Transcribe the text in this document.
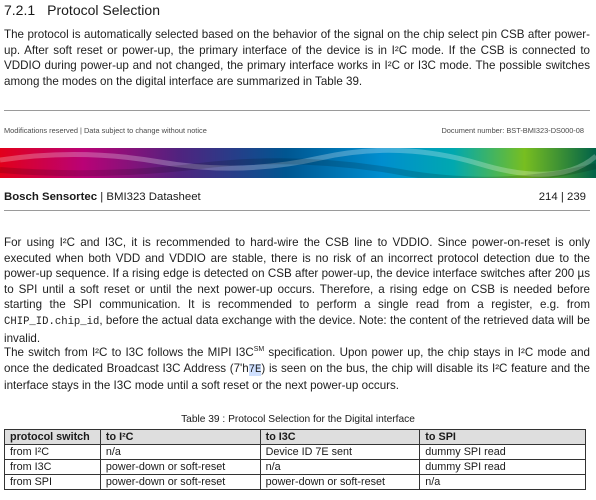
7.2.1 Protocol Selection
The protocol is automatically selected based on the behavior of the signal on the chip select pin CSB after power-up. After soft reset or power-up, the primary interface of the device is in I²C mode. If the CSB is connected to VDDIO during power-up and not changed, the primary interface works in I²C or I3C mode. The possible switches among the modes on the digital interface are summarized in Table 39.
Modifications reserved | Data subject to change without notice	Document number: BST-BMI323-DS000-08
Bosch Sensortec | BMI323 Datasheet	214 | 239
For using I²C and I3C, it is recommended to hard-wire the CSB line to VDDIO. Since power-on-reset is only executed when both VDD and VDDIO are stable, there is no risk of an incorrect protocol detection due to the power-up sequence. If a rising edge is detected on CSB after power-up, the device interface switches after 200 µs to SPI until a soft reset or until the next power-up occurs. Therefore, a rising edge on CSB is needed before starting the SPI communication. It is recommended to perform a single read from a register, e.g. from CHIP_ID.chip_id, before the actual data exchange with the device. Note: the content of the retrieved data will be invalid.
The switch from I²C to I3C follows the MIPI I3C℠ specification. Upon power up, the chip stays in I²C mode and once the dedicated Broadcast I3C Address (7'h7E) is seen on the bus, the chip will disable its I²C feature and the interface stays in the I3C mode until a soft reset or the next power-up occurs.
Table 39 : Protocol Selection for the Digital interface
protocol switch	to I²C	to I3C	to SPI
from I²C	n/a	Device ID 7E sent	dummy SPI read
from I3C	power-down or soft-reset	n/a	dummy SPI read
from SPI	power-down or soft-reset	power-down or soft-reset	n/a
